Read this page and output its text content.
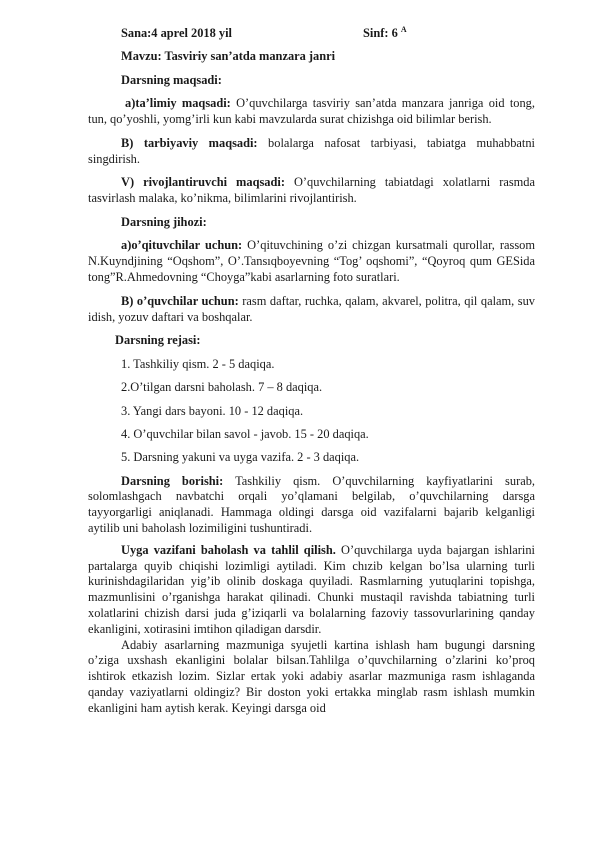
Sana:4 aprel 2018 yil	Sinf: 6 $^A$
Mavzu: Tasviriy san’atda manzara janri
Darsning maqsadi:
a)ta’limiy maqsadi: O’quvchilarga tasviriy san’atda manzara janriga oid tong, tun, qo’yoshli, yomg’irli kun kabi mavzularda surat chizishga oid bilimlar berish.
B) tarbiyaviy maqsadi: bolalarga nafosat tarbiyasi, tabiatga muhabbatni singdirish.
V) rivojlantiruvchi maqsadi: O’quvchilarning tabiatdagi xolatlarni rasmda tasvirlash malaka, ko’nikma, bilimlarini rivojlantirish.
Darsning jihozi:
a)o’qituvchilar uchun: O’qituvchining o’zi chizgan kursatmali qurollar, rassom N.Kuyndjining “Oqshom”, O’.Tansıqboyevning “Tog’ oqshomi”, “Qoyroq qum GESida tong”R.Ahmedovning “Choyga”kabi asarlarning foto suratlari.
B) o’quvchilar uchun: rasm daftar, ruchka, qalam, akvarel, politra, qil qalam, suv idish, yozuv daftari va boshqalar.
Darsning rejasi:
1. Tashkiliy qism. 2 - 5 daqiqa.
2.O’tilgan darsni baholash. 7 – 8 daqiqa.
3. Yangi dars bayoni. 10 - 12 daqiqa.
4. O’quvchilar bilan savol - javob. 15 - 20 daqiqa.
5. Darsning yakuni va uyga vazifa. 2 - 3 daqiqa.
Darsning borishi: Tashkiliy qism. O’quvchilarning kayfiyatlarini surab, solomlashgach navbatchi orqali yo’qlamani belgilab, o’quvchilarning darsga tayyorgarligi aniqlanadi. Hammaga oldingi darsga oid vazifalarni bajarib kelganligi aytilib uni baholash lozimiligini tushuntiradi.
Uyga vazifani baholash va tahlil qilish. O’quvchilarga uyda bajargan ishlarini partalarga quyib chiqishi lozimligi aytiladi. Kim chızib kelgan bo’lsa ularning turli kurinishdagilaridan yig’ib olinib doskaga quyiladi. Rasmlarning yutuqlarini topishga, mazmunlisini o’rganishga harakat qilinadi. Chunki mustaqil ravishda tabiatning turli xolatlarini chizish darsi juda g’iziqarli va bolalarning fazoviy tassovurlarining qanday ekanligini, xotirasini imtihon qiladigan darsdir.
Adabiy asarlarning mazmuniga syujetli kartina ishlash ham bugungi darsning o’ziga uxshash ekanligini bolalar bilsan.Tahlilga o’quvchilarning o’zlarini ko’proq ishtirok etkazish lozim. Sizlar ertak yoki adabiy asarlar mazmuniga rasm ishlaganda qanday vaziyatlarni oldingiz? Bir doston yoki ertakka minglab rasm ishlash mumkin ekanligini ham aytish kerak. Keyingi darsga oid
